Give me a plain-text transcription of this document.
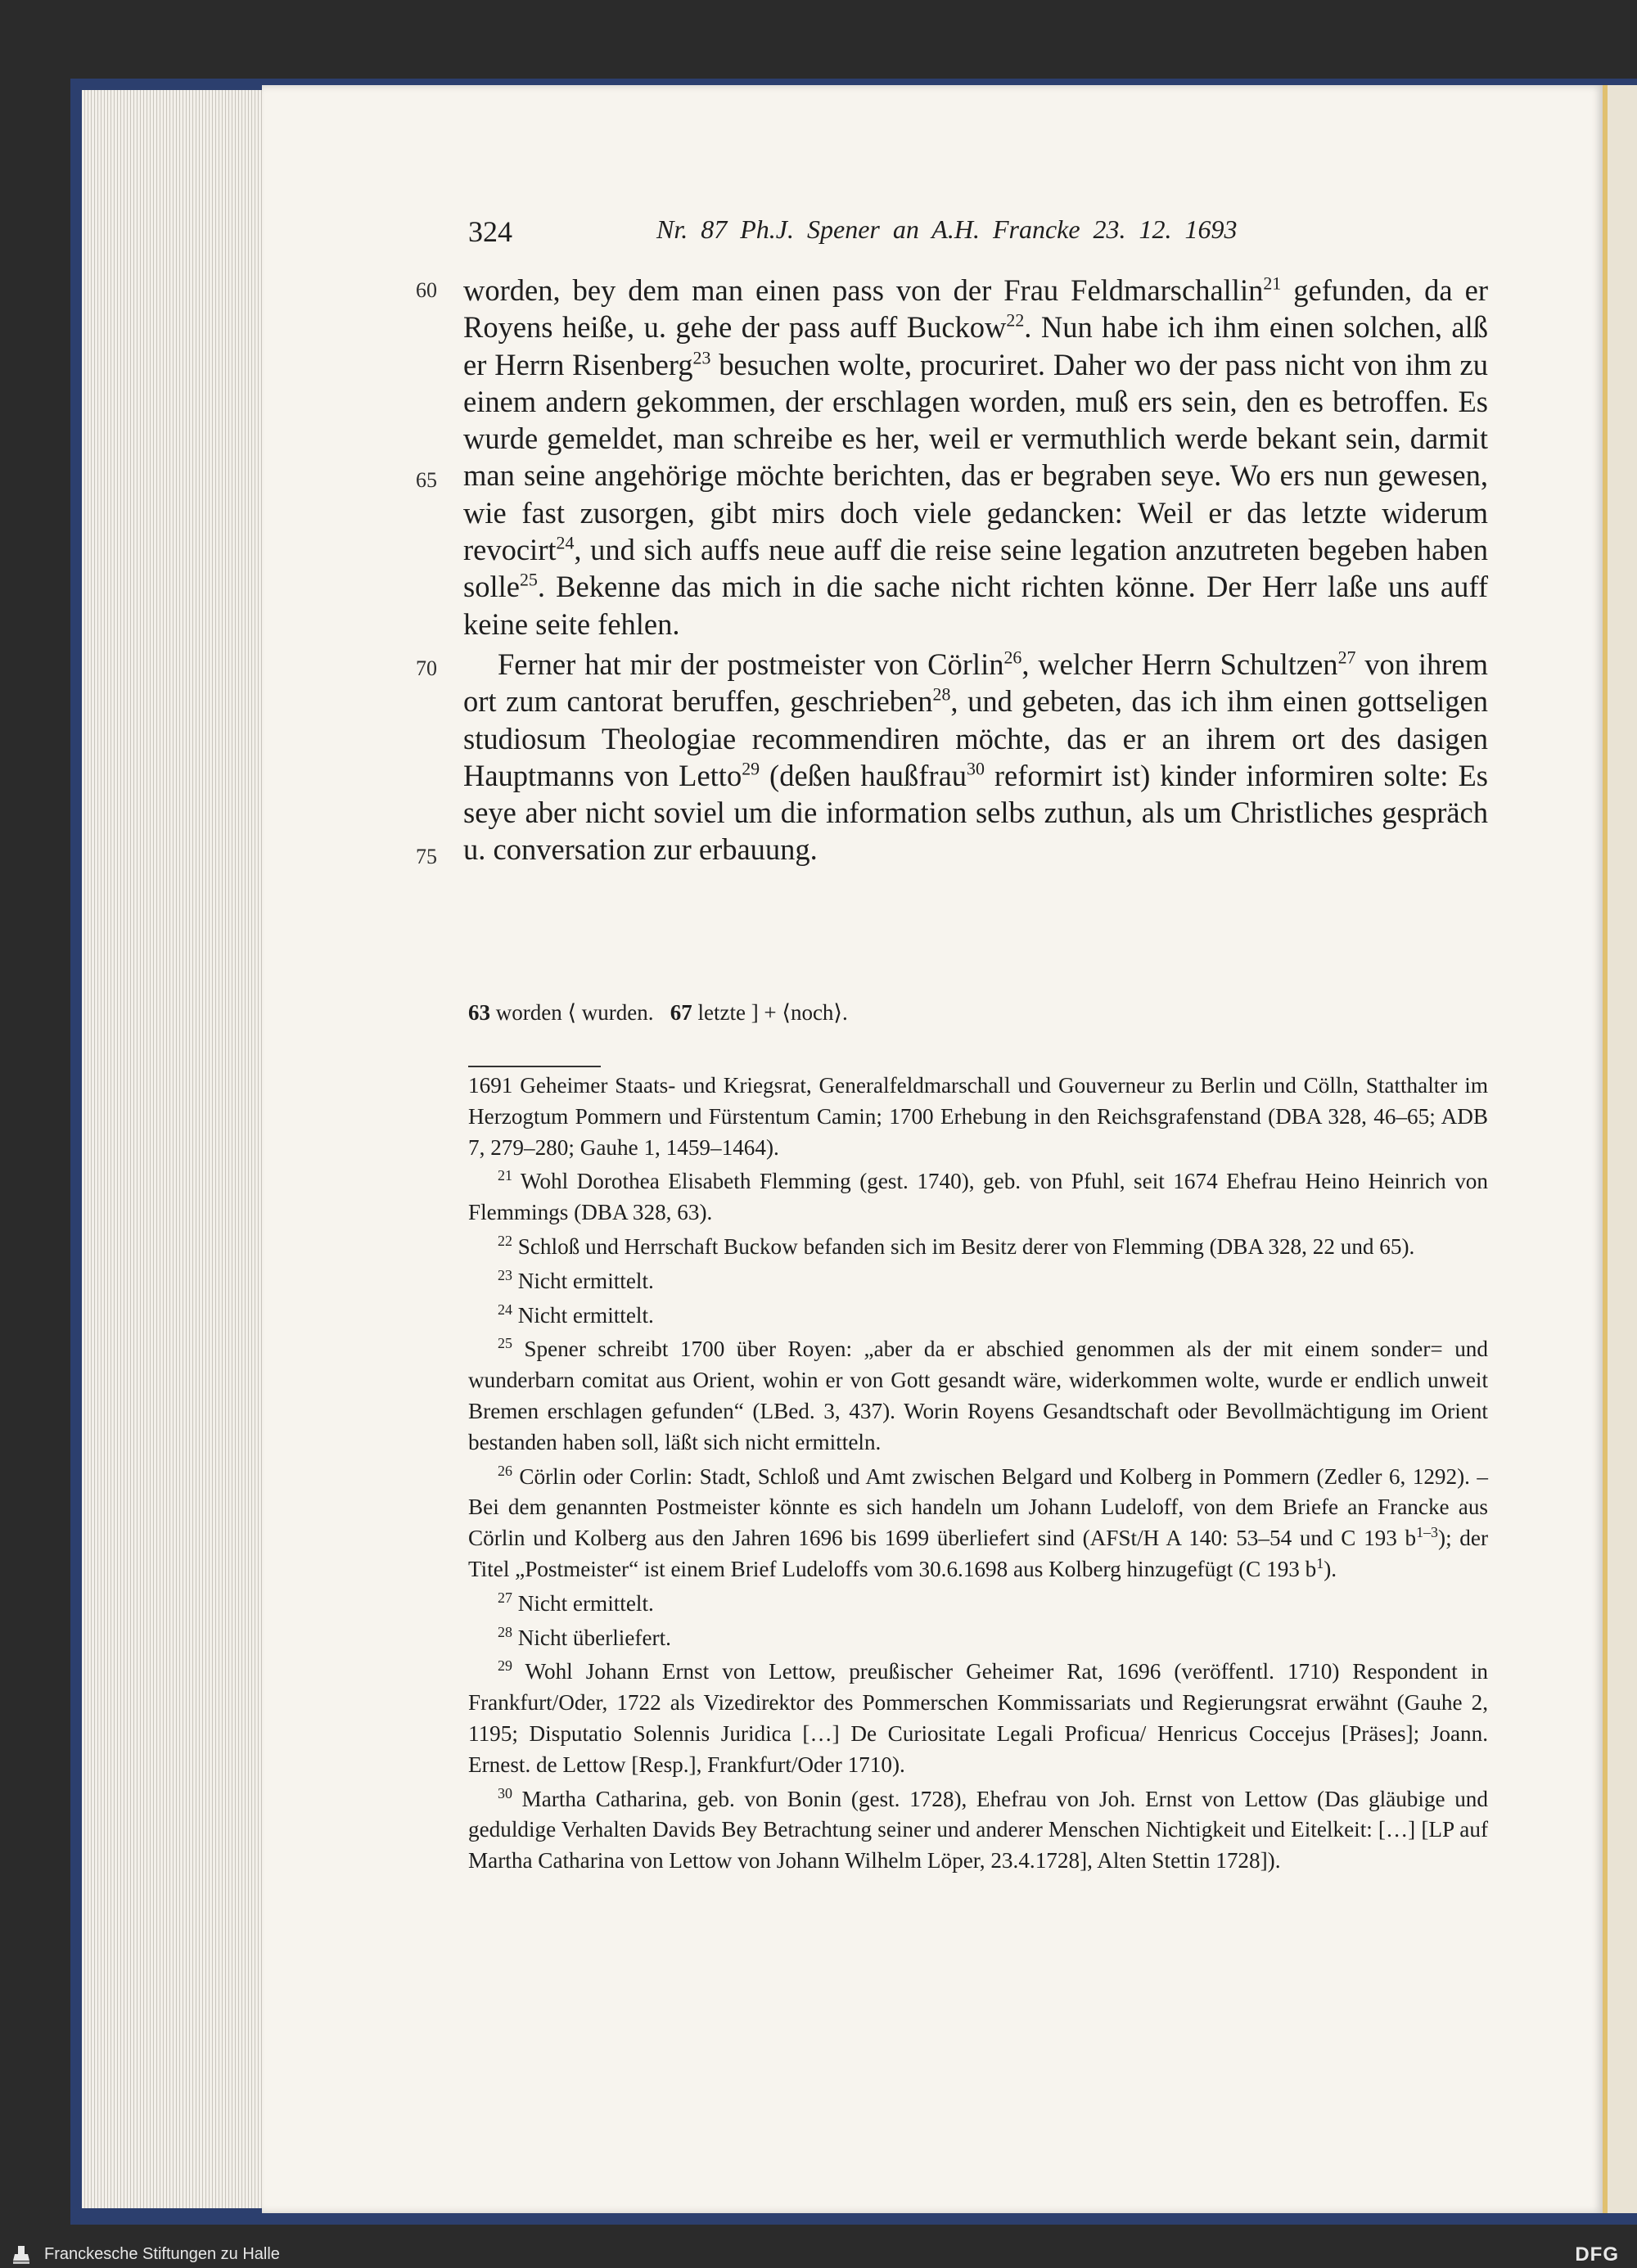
324	Nr. 87 Ph.J. Spener an A.H. Francke 23. 12. 1693
60
65
70
75

worden, bey dem man einen pass von der Frau Feldmarschallin$^{21}$ gefunden, da er Royens heiße, u. gehe der pass auff Buckow$^{22}$. Nun habe ich ihm einen solchen, alß er Herrn Risenberg$^{23}$ besuchen wolte, procuriret. Daher wo der pass nicht von ihm zu einem andern gekommen, der erschlagen worden, muß ers sein, den es betroffen. Es wurde gemeldet, man schreibe es her, weil er vermuthlich werde bekant sein, darmit man seine angehörige möchte berichten, das er begraben seye. Wo ers nun gewesen, wie fast zusorgen, gibt mirs doch viele gedancken: Weil er das letzte widerum revocirt$^{24}$, und sich auffs neue auff die reise seine legation anzutreten begeben haben solle$^{25}$. Bekenne das mich in die sache nicht richten könne. Der Herr laße uns auff keine seite fehlen.

Ferner hat mir der postmeister von Cörlin$^{26}$, welcher Herrn Schultzen$^{27}$ von ihrem ort zum cantorat beruffen, geschrieben$^{28}$, und gebeten, das ich ihm einen gottseligen studiosum Theologiae recommendiren möchte, das er an ihrem ort des dasigen Hauptmanns von Letto$^{29}$ (deßen haußfrau$^{30}$ reformirt ist) kinder informiren solte: Es seye aber nicht soviel um die information selbs zuthun, als um Christliches gespräch u. conversation zur erbauung.

63 worden ⟨ wurden.   67 letzte ] + ⟨noch⟩.

1691 Geheimer Staats- und Kriegsrat, Generalfeldmarschall und Gouverneur zu Berlin und Cölln, Statthalter im Herzogtum Pommern und Fürstentum Camin; 1700 Erhebung in den Reichsgrafenstand (DBA 328, 46–65; ADB 7, 279–280; Gauhe 1, 1459–1464).

$^{21}$ Wohl Dorothea Elisabeth Flemming (gest. 1740), geb. von Pfuhl, seit 1674 Ehefrau Heino Heinrich von Flemmings (DBA 328, 63).

$^{22}$ Schloß und Herrschaft Buckow befanden sich im Besitz derer von Flemming (DBA 328, 22 und 65).

$^{23}$ Nicht ermittelt.

$^{24}$ Nicht ermittelt.

$^{25}$ Spener schreibt 1700 über Royen: „aber da er abschied genommen als der mit einem sonder= und wunderbarn comitat aus Orient, wohin er von Gott gesandt wäre, widerkommen wolte, wurde er endlich unweit Bremen erschlagen gefunden“ (LBed. 3, 437). Worin Royens Gesandtschaft oder Bevollmächtigung im Orient bestanden haben soll, läßt sich nicht ermitteln.

$^{26}$ Cörlin oder Corlin: Stadt, Schloß und Amt zwischen Belgard und Kolberg in Pommern (Zedler 6, 1292). – Bei dem genannten Postmeister könnte es sich handeln um Johann Ludeloff, von dem Briefe an Francke aus Cörlin und Kolberg aus den Jahren 1696 bis 1699 überliefert sind (AFSt/H A 140: 53–54 und C 193 $b^{1-3}$); der Titel „Postmeister“ ist einem Brief Ludeloffs vom 30.6.1698 aus Kolberg hinzugefügt (C 193 $b^1$).

$^{27}$ Nicht ermittelt.

$^{28}$ Nicht überliefert.

$^{29}$ Wohl Johann Ernst von Lettow, preußischer Geheimer Rat, 1696 (veröffentl. 1710) Respondent in Frankfurt/Oder, 1722 als Vizedirektor des Pommerschen Kommissariats und Regierungsrat erwähnt (Gauhe 2, 1195; Disputatio Solennis Juridica […] De Curiositate Legali Proficua/ Henricus Coccejus [Präses]; Joann. Ernest. de Lettow [Resp.], Frankfurt/Oder 1710).

$^{30}$ Martha Catharina, geb. von Bonin (gest. 1728), Ehefrau von Joh. Ernst von Lettow (Das gläubige und geduldige Verhalten Davids Bey Betrachtung seiner und anderer Menschen Nichtigkeit und Eitelkeit: […] [LP auf Martha Catharina von Lettow von Johann Wilhelm Löper, 23.4.1728], Alten Stettin 1728]).

Franckesche Stiftungen zu Halle	DFG
